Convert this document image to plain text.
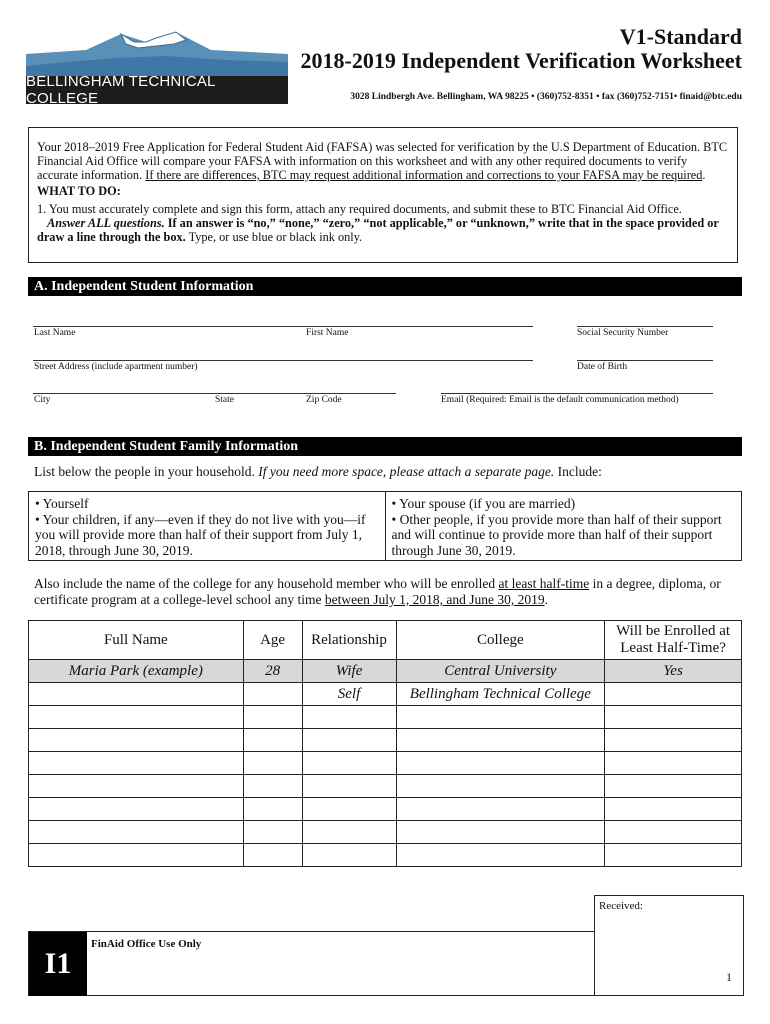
BELLINGHAM TECHNICAL COLLEGE
V1-Standard
2018-2019 Independent Verification Worksheet
3028 Lindbergh Ave. Bellingham, WA 98225 • (360)752-8351 • fax (360)752-7151• finaid@btc.edu

Your 2018–2019 Free Application for Federal Student Aid (FAFSA) was selected for verification by the U.S Department of Education. BTC Financial Aid Office will compare your FAFSA with information on this worksheet and with any other required documents to verify accurate information. If there are differences, BTC may request additional information and corrections to your FAFSA may be required.

WHAT TO DO:

1. You must accurately complete and sign this form, attach any required documents, and submit these to BTC Financial Aid Office.
Answer ALL questions. If an answer is “no,” “none,” “zero,” “not applicable,” or “unknown,” write that in the space provided or draw a line through the box. Type, or use blue or black ink only.

A. Independent Student Information
Last Name	First Name	Social Security Number
Street Address (include apartment number)	Date of Birth
City	State	Zip Code	Email (Required: Email is the default communication method)
B. Independent Student Family Information
List below the people in your household. If you need more space, please attach a separate page. Include:
• Yourself
• Your children, if any—even if they do not live with you—if you will provide more than half of their support from July 1, 2018, through June 30, 2019.
• Your spouse (if you are married)
• Other people, if you provide more than half of their support and will continue to provide more than half of their support through June 30, 2019.
Also include the name of the college for any household member who will be enrolled at least half-time in a degree, diploma, or certificate program at a college-level school any time between July 1, 2018, and June 30, 2019.
Full Name	Age	Relationship	College	Will be Enrolled at Least Half-Time?
Maria Park (example)	28	Wife	Central University	Yes
		Self	Bellingham Technical College	

I1
FinAid Office Use Only
Received:
1
